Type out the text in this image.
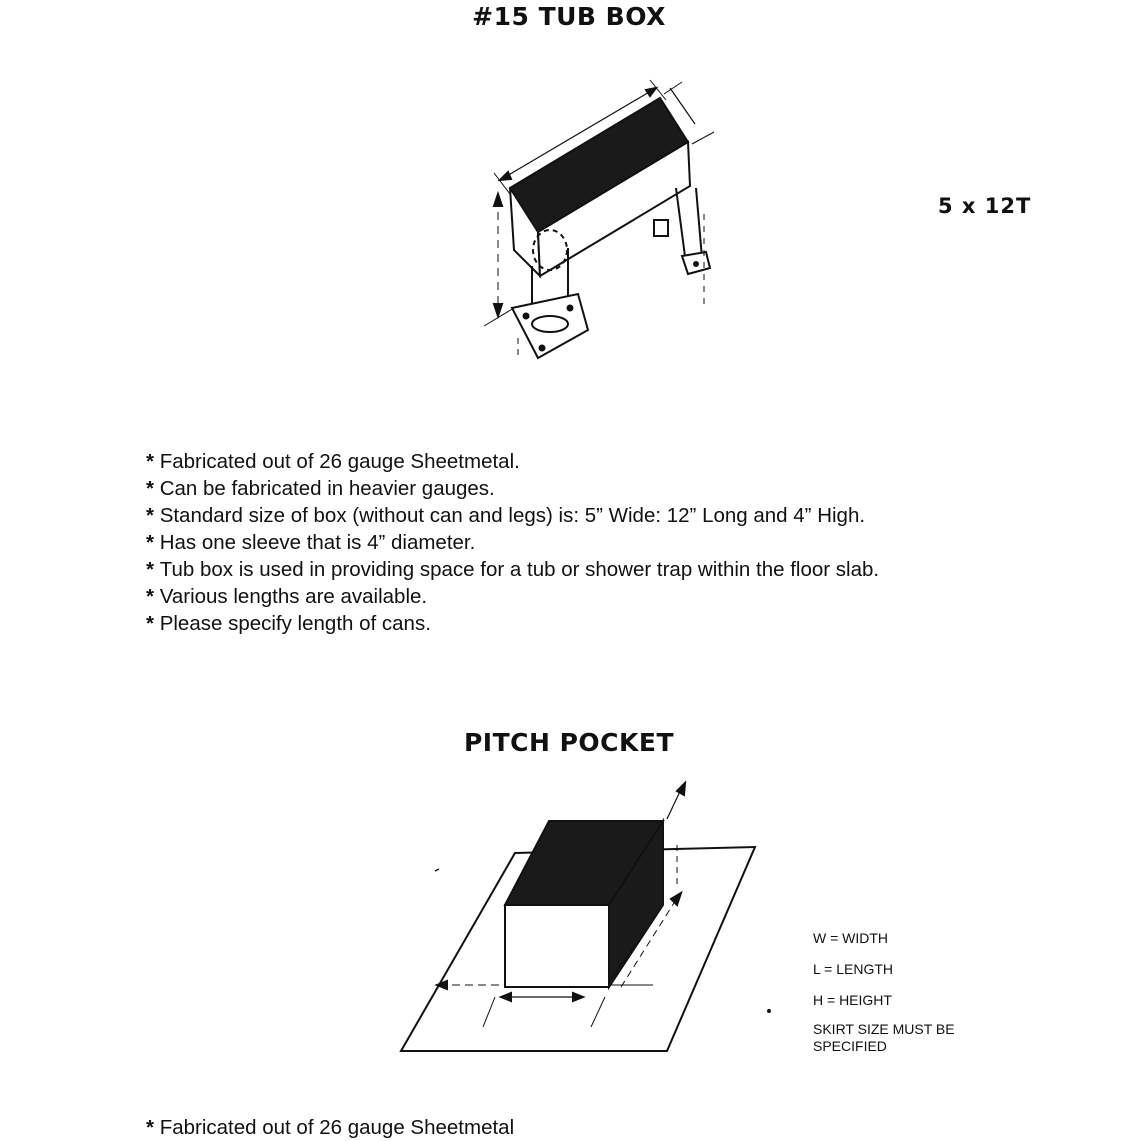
#15 TUB BOX
5 x 12T
* Fabricated out of 26 gauge Sheetmetal.
* Can be fabricated in heavier gauges.
* Standard size of box (without can and legs) is: 5” Wide: 12” Long and 4” High.
* Has one sleeve that is 4” diameter.
* Tub box is used in providing space for a tub or shower trap within the floor slab.
* Various lengths are available.
* Please specify length of cans.
PITCH POCKET
W = WIDTH
L = LENGTH
H = HEIGHT
SKIRT SIZE MUST BE SPECIFIED
* Fabricated out of 26 gauge Sheetmetal
